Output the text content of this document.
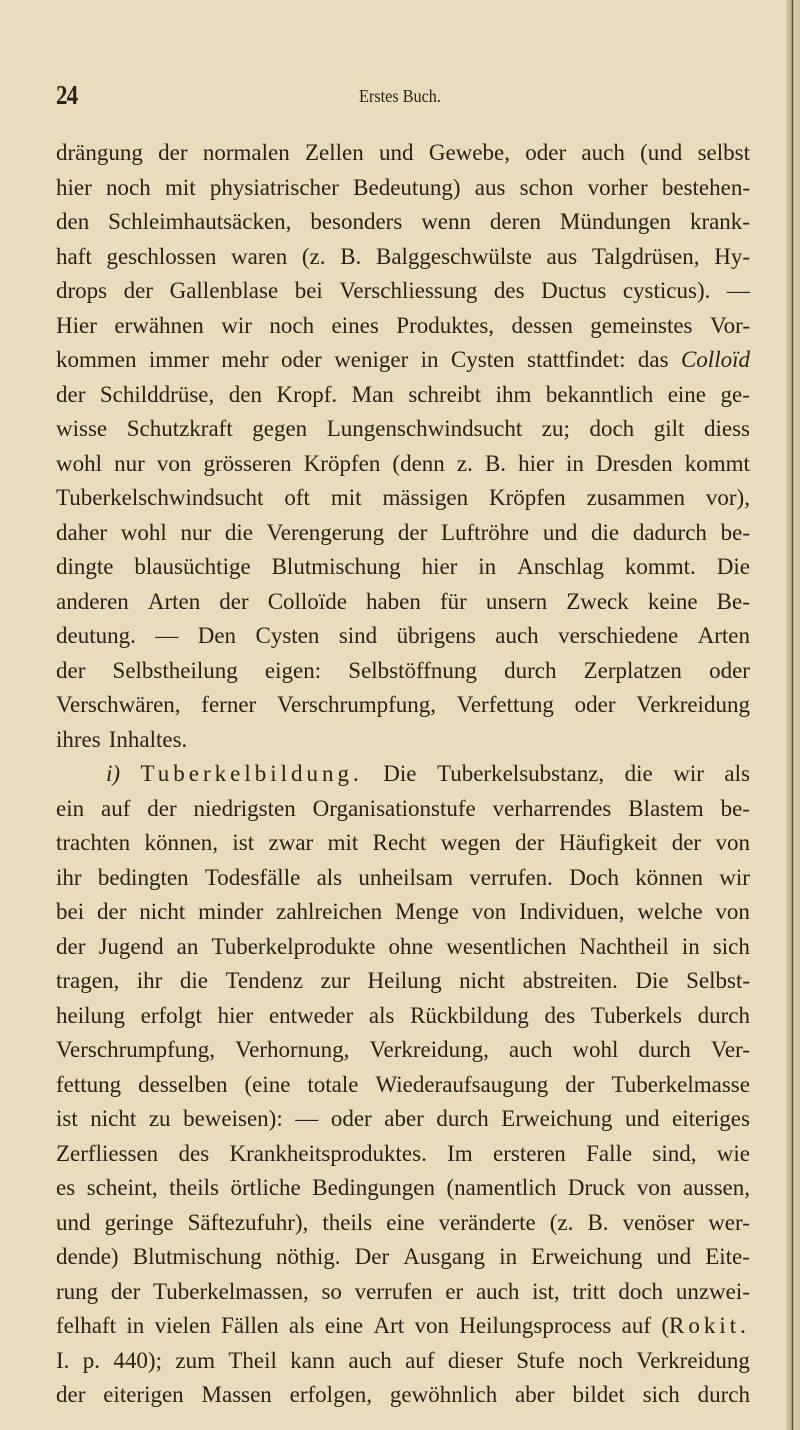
24	Erstes Buch.
drängung der normalen Zellen und Gewebe, oder auch (und selbst
hier noch mit physiatrischer Bedeutung) aus schon vorher bestehen-
den Schleimhautsäcken, besonders wenn deren Mündungen krank-
haft geschlossen waren (z. B. Balggeschwülste aus Talgdrüsen, Hy-
drops der Gallenblase bei Verschliessung des Ductus cysticus). —
Hier erwähnen wir noch eines Produktes, dessen gemeinstes Vor-
kommen immer mehr oder weniger in Cysten stattfindet: das Colloïd
der Schilddrüse, den Kropf. Man schreibt ihm bekanntlich eine ge-
wisse Schutzkraft gegen Lungenschwindsucht zu; doch gilt diess
wohl nur von grösseren Kröpfen (denn z. B. hier in Dresden kommt
Tuberkelschwindsucht oft mit mässigen Kröpfen zusammen vor),
daher wohl nur die Verengerung der Luftröhre und die dadurch be-
dingte blausüchtige Blutmischung hier in Anschlag kommt. Die
anderen Arten der Colloïde haben für unsern Zweck keine Be-
deutung. — Den Cysten sind übrigens auch verschiedene Arten
der Selbstheilung eigen: Selbstöffnung durch Zerplatzen oder
Verschwären, ferner Verschrumpfung, Verfettung oder Verkreidung
ihres Inhaltes.
i) Tuberkelbildung. Die Tuberkelsubstanz, die wir als
ein auf der niedrigsten Organisationstufe verharrendes Blastem be-
trachten können, ist zwar mit Recht wegen der Häufigkeit der von
ihr bedingten Todesfälle als unheilsam verrufen. Doch können wir
bei der nicht minder zahlreichen Menge von Individuen, welche von
der Jugend an Tuberkelprodukte ohne wesentlichen Nachtheil in sich
tragen, ihr die Tendenz zur Heilung nicht abstreiten. Die Selbst-
heilung erfolgt hier entweder als Rückbildung des Tuberkels durch
Verschrumpfung, Verhornung, Verkreidung, auch wohl durch Ver-
fettung desselben (eine totale Wiederaufsaugung der Tuberkelmasse
ist nicht zu beweisen): — oder aber durch Erweichung und eiteriges
Zerfliessen des Krankheitsproduktes. Im ersteren Falle sind, wie
es scheint, theils örtliche Bedingungen (namentlich Druck von aussen,
und geringe Säftezufuhr), theils eine veränderte (z. B. venöser wer-
dende) Blutmischung nöthig. Der Ausgang in Erweichung und Eite-
rung der Tuberkelmassen, so verrufen er auch ist, tritt doch unzwei-
felhaft in vielen Fällen als eine Art von Heilungsprocess auf (Rokit.
I. p. 440); zum Theil kann auch auf dieser Stufe noch Verkreidung
der eiterigen Massen erfolgen, gewöhnlich aber bildet sich durch
